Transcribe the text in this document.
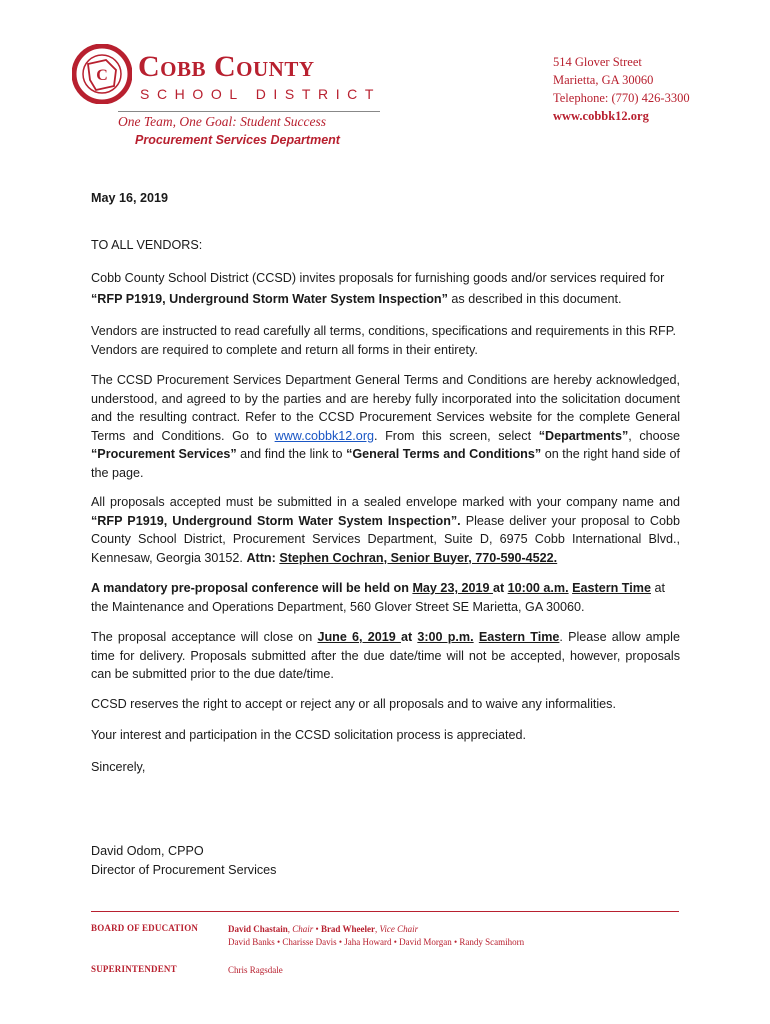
C Cobb County
SCHOOL DISTRICT
One Team, One Goal: Student Success
Procurement Services Department
514 Glover Street
Marietta, GA 30060
Telephone: (770) 426-3300
www.cobbk12.org
May 16, 2019
TO ALL VENDORS:
Cobb County School District (CCSD) invites proposals for furnishing goods and/or services required for “RFP P1919, Underground Storm Water System Inspection” as described in this document.
Vendors are instructed to read carefully all terms, conditions, specifications and requirements in this RFP. Vendors are required to complete and return all forms in their entirety.
The CCSD Procurement Services Department General Terms and Conditions are hereby acknowledged, understood, and agreed to by the parties and are hereby fully incorporated into the solicitation document and the resulting contract. Refer to the CCSD Procurement Services website for the complete General Terms and Conditions. Go to www.cobbk12.org. From this screen, select “Departments”, choose “Procurement Services” and find the link to “General Terms and Conditions” on the right hand side of the page.
All proposals accepted must be submitted in a sealed envelope marked with your company name and “RFP P1919, Underground Storm Water System Inspection”. Please deliver your proposal to Cobb County School District, Procurement Services Department, Suite D, 6975 Cobb International Blvd., Kennesaw, Georgia 30152. Attn: Stephen Cochran, Senior Buyer, 770-590-4522.
A mandatory pre-proposal conference will be held on May 23, 2019 at 10:00 a.m. Eastern Time at the Maintenance and Operations Department, 560 Glover Street SE Marietta, GA 30060.
The proposal acceptance will close on June 6, 2019 at 3:00 p.m. Eastern Time. Please allow ample time for delivery. Proposals submitted after the due date/time will not be accepted, however, proposals can be submitted prior to the due date/time.
CCSD reserves the right to accept or reject any or all proposals and to waive any informalities.
Your interest and participation in the CCSD solicitation process is appreciated.
Sincerely,
David Odom, CPPO
Director of Procurement Services
BOARD OF EDUCATION	David Chastain, Chair • Brad Wheeler, Vice Chair
David Banks • Charisse Davis • Jaha Howard • David Morgan • Randy Scamihorn
SUPERINTENDENT	Chris Ragsdale
